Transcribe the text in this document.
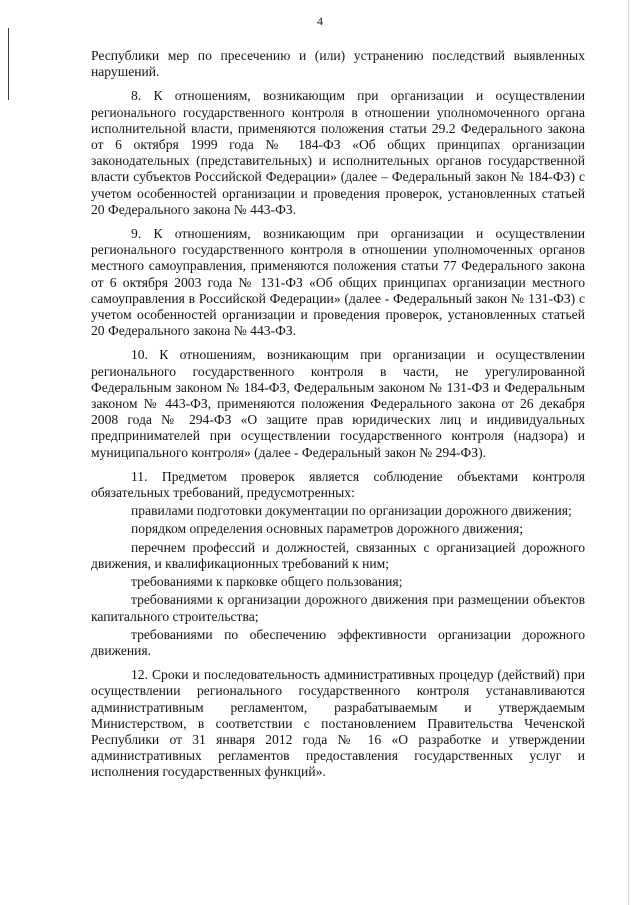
4

Республики мер по пресечению и (или) устранению последствий выявленных нарушений.

8. К отношениям, возникающим при организации и осуществлении регионального государственного контроля в отношении уполномоченного органа исполнительной власти, применяются положения статьи 29.2 Федерального закона от 6 октября 1999 года № 184-ФЗ «Об общих принципах организации законодательных (представительных) и исполнительных органов государственной власти субъектов Российской Федерации» (далее – Федеральный закон № 184-ФЗ) с учетом особенностей организации и проведения проверок, установленных статьей 20 Федерального закона № 443-ФЗ.

9. К отношениям, возникающим при организации и осуществлении регионального государственного контроля в отношении уполномоченных органов местного самоуправления, применяются положения статьи 77 Федерального закона от 6 октября 2003 года № 131-ФЗ «Об общих принципах организации местного самоуправления в Российской Федерации» (далее - Федеральный закон № 131-ФЗ) с учетом особенностей организации и проведения проверок, установленных статьей 20 Федерального закона № 443-ФЗ.

10. К отношениям, возникающим при организации и осуществлении регионального государственного контроля в части, не урегулированной Федеральным законом № 184-ФЗ, Федеральным законом № 131-ФЗ и Федеральным законом № 443-ФЗ, применяются положения Федерального закона от 26 декабря 2008 года № 294-ФЗ «О защите прав юридических лиц и индивидуальных предпринимателей при осуществлении государственного контроля (надзора) и муниципального контроля» (далее - Федеральный закон № 294-ФЗ).

11. Предметом проверок является соблюдение объектами контроля обязательных требований, предусмотренных:

правилами подготовки документации по организации дорожного движения;

порядком определения основных параметров дорожного движения;

перечнем профессий и должностей, связанных с организацией дорожного движения, и квалификационных требований к ним;

требованиями к парковке общего пользования;

требованиями к организации дорожного движения при размещении объектов капитального строительства;

требованиями по обеспечению эффективности организации дорожного движения.

12. Сроки и последовательность административных процедур (действий) при осуществлении регионального государственного контроля устанавливаются административным регламентом, разрабатываемым и утверждаемым Министерством, в соответствии с постановлением Правительства Чеченской Республики от 31 января 2012 года № 16 «О разработке и утверждении административных регламентов предоставления государственных услуг и исполнения государственных функций».
